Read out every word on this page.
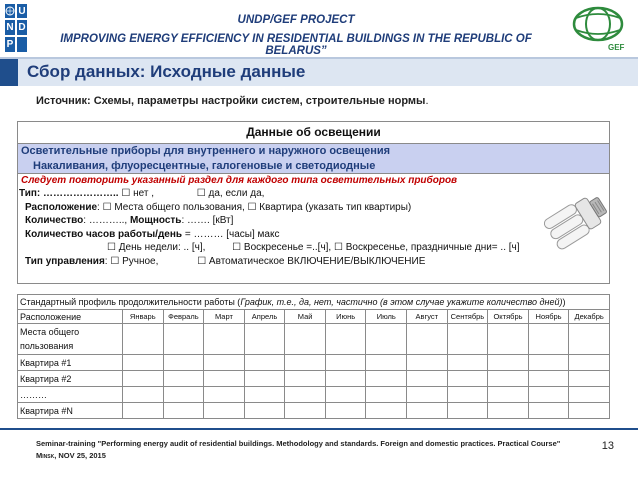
U
N D
P
UNDP/GEF PROJECT
IMPROVING ENERGY EFFICIENCY IN RESIDENTIAL BUILDINGS IN THE REPUBLIC OF BELARUS”	GEF
Сбор данных: Исходные данные
Источник: Схемы, параметры настройки систем, строительные нормы.
Данные об освещении
Осветительные приборы для внутреннего и наружного освещения
Накаливания, флуоресцентные, галогеновые и светодиодные
Следует повторить указанный раздел для каждого типа осветительных приборов
Тип: ………………….. ☐ нет ,	☐ да, если да,
Расположение: ☐ Места общего пользования, ☐ Квартира (указать тип квартиры)
Количество: ……….., Мощность: ……. [кВт]
Количество часов работы/день = ……… [часы] макс
☐ День недели: .. [ч],	☐ Воскресенье =..[ч], ☐ Воскресенье, праздничные дни= .. [ч]
Тип управления: ☐ Ручное,	☐ Автоматическое ВКЛЮЧЕНИЕ/ВЫКЛЮЧЕНИЕ
Стандартный профиль продолжительности работы (График, т.е., да, нет, частично (в этом случае укажите количество дней))												
Расположение	Январь	Февраль	Март	Апрель	Май	Июнь	Июль	Август	Сентябрь	Октябрь	Ноябрь	Декабрь
Места общего пользования												
Квартира #1												
Квартира #2												
………												
Квартира #N												
Seminar-training "Performing energy audit of residential buildings. Methodology and standards. Foreign and domestic practices. Practical Course"
Minsk, NOV 25, 2015
13
